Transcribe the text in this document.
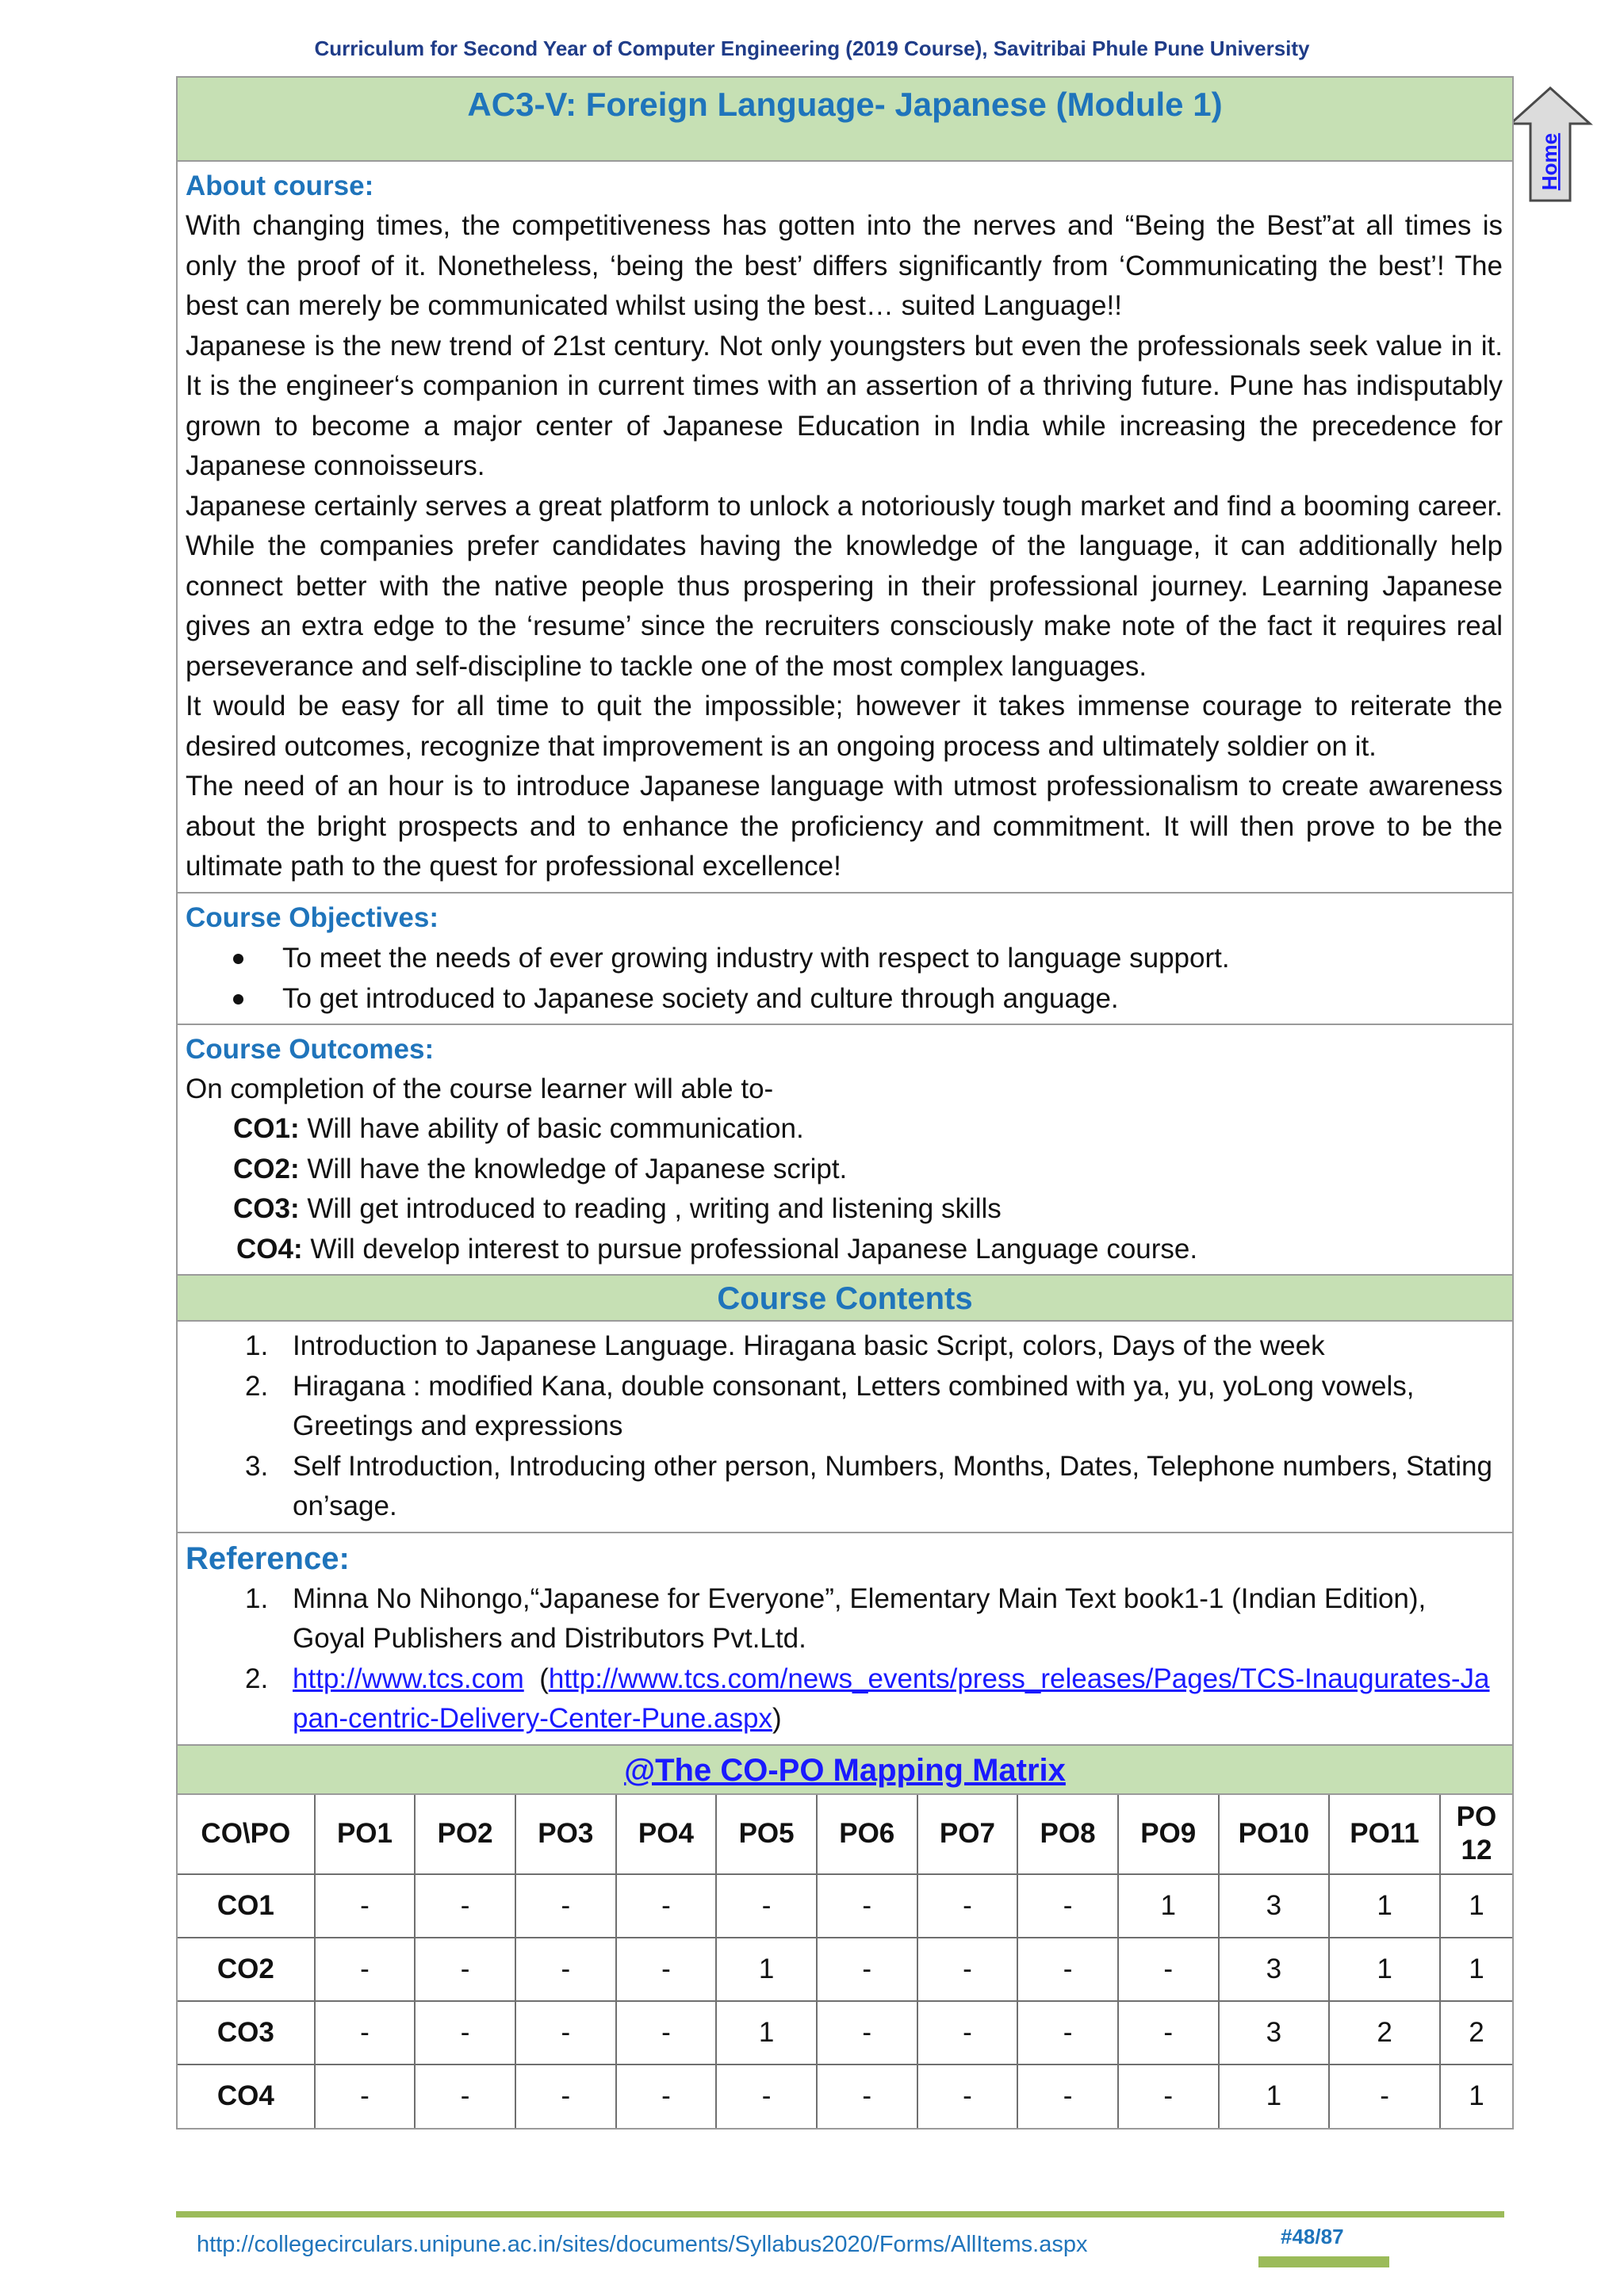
Curriculum for Second Year of Computer Engineering (2019 Course), Savitribai Phule Pune University
Home
AC3-V: Foreign Language- Japanese (Module 1)
About course:
With changing times, the competitiveness has gotten into the nerves and “Being the Best”at all times is only the proof of it. Nonetheless, ‘being the best’ differs significantly from ‘Communicating the best’! The best can merely be communicated whilst using the best… suited Language!!
Japanese is the new trend of 21st century. Not only youngsters but even the professionals seek value in it. It is the engineer‘s companion in current times with an assertion of a thriving future. Pune has indisputably grown to become a major center of Japanese Education in India while increasing the precedence for Japanese connoisseurs.
Japanese certainly serves a great platform to unlock a notoriously tough market and find a booming career. While the companies prefer candidates having the knowledge of the language, it can additionally help connect better with the native people thus prospering in their professional journey. Learning Japanese gives an extra edge to the ‘resume’ since the recruiters consciously make note of the fact it requires real perseverance and self-discipline to tackle one of the most complex languages.
It would be easy for all time to quit the impossible; however it takes immense courage to reiterate the desired outcomes, recognize that improvement is an ongoing process and ultimately soldier on it.
The need of an hour is to introduce Japanese language with utmost professionalism to create awareness about the bright prospects and to enhance the proficiency and commitment. It will then prove to be the ultimate path to the quest for professional excellence!
Course Objectives:
To meet the needs of ever growing industry with respect to language support.
To get introduced to Japanese society and culture through anguage.
Course Outcomes:
On completion of the course learner will able to-
CO1: Will have ability of basic communication.
CO2: Will have the knowledge of Japanese script.
CO3: Will get introduced to reading , writing and listening skills
CO4: Will develop interest to pursue professional Japanese Language course.
Course Contents
1. Introduction to Japanese Language. Hiragana basic Script, colors, Days of the week
2. Hiragana : modified Kana, double consonant, Letters combined with ya, yu, yoLong vowels, Greetings and expressions
3. Self Introduction, Introducing other person, Numbers, Months, Dates, Telephone numbers, Stating on’sage.
Reference:
1. Minna No Nihongo,“Japanese for Everyone”, Elementary Main Text book1-1 (Indian Edition), Goyal Publishers and Distributors Pvt.Ltd.
2. http://www.tcs.com  (http://www.tcs.com/news_events/press_releases/Pages/TCS-Inaugurates-Japan-centric-Delivery-Center-Pune.aspx)
@The CO-PO Mapping Matrix
CO\PO	PO1	PO2	PO3	PO4	PO5	PO6	PO7	PO8	PO9	PO10	PO11	PO 12
CO1	-	-	-	-	-	-	-	-	1	3	1	1
CO2	-	-	-	-	1	-	-	-	-	3	1	1
CO3	-	-	-	-	1	-	-	-	-	3	2	2
CO4	-	-	-	-	-	-	-	-	-	1	-	1
http://collegecirculars.unipune.ac.in/sites/documents/Syllabus2020/Forms/AllItems.aspx	#48/87
